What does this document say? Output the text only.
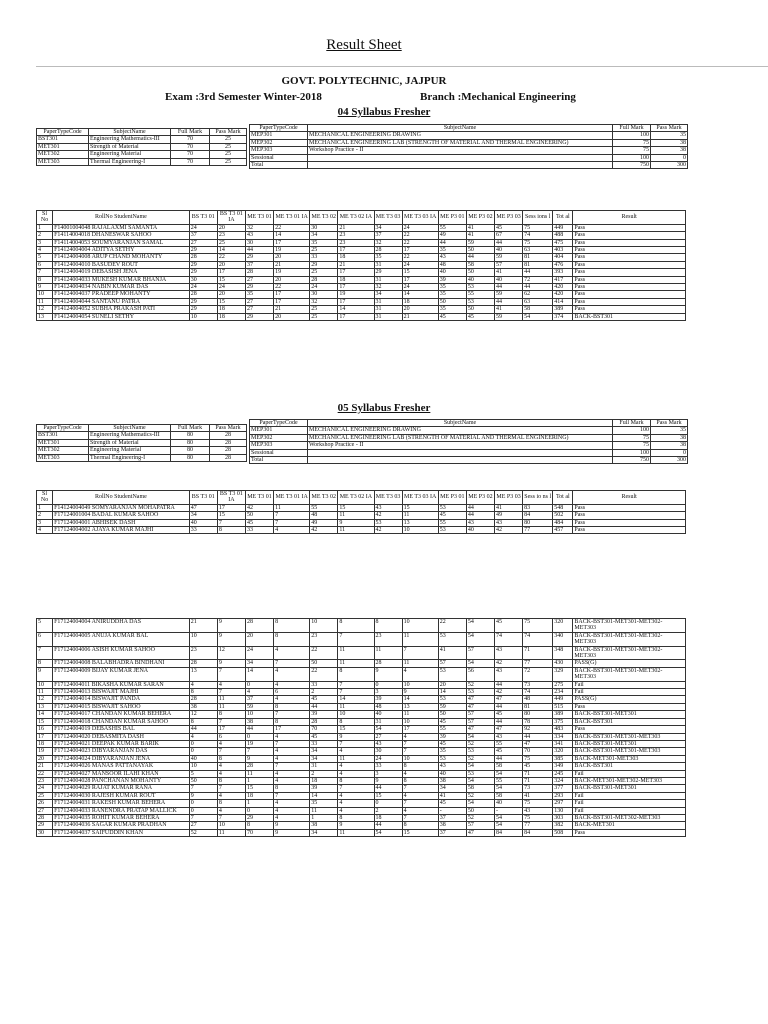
Result Sheet
GOVT. POLYTECHNIC, JAJPUR
Exam :3rd Semester Winter-2018	Branch :Mechanical Engineering
04 Syllabus Fresher
PaperTypeCode	SubjectName	Full Mark	Pass Mark
BST301	Engineering Mathematics-III	70	25
MET301	Strength of Material	70	25
MET302	Engineering Material	70	25
MET303	Thermal Engineering-I	70	25
PaperTypeCode	SubjectName	Full Mark	Pass Mark
MEP301	MECHANICAL ENGINEERING DRAWING	100	35
MEP302	MECHANICAL ENGINEERING LAB (STRENGTH OF MATERIAL AND THERMAL ENGINEERING)	75	38
MEP303	Workshop Practice - II	75	38
Sessional		100	0
Total		750	300
Sl No	RollNo StudentName	BS T3 01	BS T3 01 IA	ME T3 01	ME T3 01 IA	ME T3 02	ME T3 02 IA	ME T3 03	ME T3 03 IA	ME P3 01	ME P3 02	ME P3 03	Sess ions l	Tot al	Result
1	F14001004048 RAJALAXMI SAMANTA	24	20	32	22	30	21	34	24	55	41	45	75	449	Pass
2	F14114004018 DHANESWAR SAHOO	37	23	43	14	34	23	37	22	49	41	67	74	488	Pass
3	F14114004053 SOUMYARANJAN SAMAL	27	25	30	17	35	23	32	22	44	59	44	75	475	Pass
4	F14124004004 ADITYA SETHY	29	14	44	19	25	17	28	17	35	50	40	63	403	Pass
5	F14124004008 ARUP CHAND MOHANTY	28	22	29	20	33	18	35	22	43	44	59	81	404	Pass
6	F14124004010 BASUDEV ROUT	29	20	37	21	29	21	31	24	48	58	57	81	476	Pass
7	F14124004019 DEBASISH JENA	29	17	28	19	25	17	29	15	40	50	41	44	393	Pass
8	F14124004033 MUKESH KUMAR BHANJA	30	15	27	20	28	18	31	17	39	40	40	72	417	Pass
9	F14124004034 NABIN KUMAR DAS	24	24	29	22	24	17	32	24	35	53	44	44	420	Pass
10	F14124004037 PRADEEP MOHANTY	28	20	35	17	30	19	34	14	35	55	59	62	420	Pass
11	F14124004044 SANTANU PATRA	29	15	27	17	32	17	31	18	50	53	44	63	414	Pass
12	F14124004052 SUBHA PRAKASH PATI	29	18	27	21	25	14	31	20	35	50	41	58	389	Pass
13	F14124004054 SUNELI SETHY	10	18	29	20	25	17	31	21	45	45	59	54	374	BACK-BST301
05 Syllabus Fresher
PaperTypeCode	SubjectName	Full Mark	Pass Mark
BST301	Engineering Mathematics-III	80	28
MET301	Strength of Material	80	28
MET302	Engineering Material	80	28
MET303	Thermal Engineering-I	80	28
PaperTypeCode	SubjectName	Full Mark	Pass Mark
MEP301	MECHANICAL ENGINEERING DRAWING	100	35
MEP302	MECHANICAL ENGINEERING LAB (STRENGTH OF MATERIAL AND THERMAL ENGINEERING)	75	38
MEP303	Workshop Practice - II	75	38
Sessional		100	0
Total		750	300
Sl No	RollNo StudentName	BS T3 01	BS T3 01 IA	ME T3 01	ME T3 01 IA	ME T3 02	ME T3 02 IA	ME T3 03	ME T3 03 IA	ME P3 01	ME P3 02	ME P3 03	Sess io ns l	Tot al	Result
1	F14124004049 SOMYARANJAN MOHAPATRA	47	17	42	11	55	15	43	15	53	44	41	83	548	Pass
2	F17124001004 BADAL KUMAR SAHOO	34	15	50	7	48	11	42	11	45	44	49	84	502	Pass
3	F17124004001 ABHISEK DASH	40	7	45	7	49	9	53	13	55	43	43	80	484	Pass
4	F17124004002 AJAYA KUMAR MAJHI	33	8	33	4	42	11	42	10	53	40	42	77	457	Pass
5	F17124004004 ANIRUDDHA DAS	21	9	28	8	10	8	8	10	22	54	45	75	320	BACK-BST301-MET301-MET302-MET303
6	F17124004005 ANUJA KUMAR BAL	10	9	20	8	23	7	23	11	53	54	74	74	340	BACK-BST301-MET301-MET302-MET303
7	F17124004006 ASISH KUMAR SAHOO	23	12	24	4	22	11	11	7	41	57	43	71	348	BACK-BST301-MET301-MET302-MET303
8	F17124004008 BALABHADRA BINDHANI	28	9	34	7	50	11	28	11	57	54	42	77	430	PASS(G)
9	F17124004009 BIJAY KUMAR JENA	13	7	14	4	22	8	9	4	53	56	43	72	329	BACK-BST301-MET301-MET302-MET303
10	F17124004011 BIKASHA KUMAR SARAN	4	4	0	4	33	7	0	10	20	52	44	73	275	Fail
11	F17124004013 BISWAJIT MAJHI	8	7	4	6	2	7	3	9	14	53	42	74	234	Fail
12	F17124004014 BISWAJIT PANDA	28	11	37	4	45	14	39	14	53	47	47	48	449	PASS(G)
13	F17124004015 BISWAJIT SAHOO	38	11	59	8	44	11	48	13	59	47	44	81	515	Pass
14	F17124004017 CHANDAN KUMAR BEHERA	12	8	10	7	39	10	40	11	50	57	45	80	389	BACK-BST301-MET301
15	F17124004018 CHANDAN KUMAR SAHOO	8	7	38	8	28	8	31	10	45	57	44	78	375	BACK-BST301
16	F17124004019 DEBASHIS BAL	44	17	44	17	70	15	54	17	55	47	47	92	483	Pass
17	F17124004020 DEBASMITA DASH	4	6	0	4	45	9	27	4	39	54	43	44	334	BACK-BST301-MET301-MET303
18	F17124004021 DEEPAK KUMAR BARIK	0	4	19	7	33	7	43	7	45	52	55	47	341	BACK-BST301-MET301
19	F17124004023 DIBYARANJAN DAS	0	7	7	4	34	4	30	7	35	53	45	70	320	BACK-BST301-MET301-MET303
20	F17124004024 DIBYARANJAN JENA	40	8	9	4	34	11	24	10	53	52	44	75	385	BACK-MET301-MET303
21	F17124004026 MANAS PATTANAYAK	10	4	28	7	31	4	33	8	43	54	58	45	349	BACK-BST301
22	F17124004027 MANSOOR ILAHI KHAN	5	4	11	4	2	4	3	4	40	53	54	71	245	Fail
23	F17124004028 PANCHANAN MOHANTY	50	8	1	4	18	8	9	8	38	54	55	71	324	BACK-MET301-MET302-MET303
24	F17124004029 RAJAT KUMAR RANA	7	7	15	8	39	7	44	7	34	58	54	73	377	BACK-BST301-MET301
25	F17124004030 RAJESH KUMAR ROUT	9	4	18	7	14	4	15	4	41	52	58	41	293	Fail
26	F17124004031 RAKESH KUMAR BEHERA	0	8	1	4	35	4	0	7	45	54	40	75	297	Fail
27	F17124004033 RANENDRA PRATAP MALLICK	0	4	0	4	11	4	2	4	-	50	-	43	130	Fail
28	F17124004035 ROHIT KUMAR BEHERA	7	7	29	4	1	8	18	7	37	52	54	75	303	BACK-BST301-MET302-MET303
29	F17124004036 SAGAR KUMAR PRADHAN	27	10	8	9	38	9	44	8	38	57	54	77	382	BACK-MET301
30	F17124004037 SAIFUDDIN KHAN	52	11	70	9	34	11	54	15	37	47	84	84	508	Pass
